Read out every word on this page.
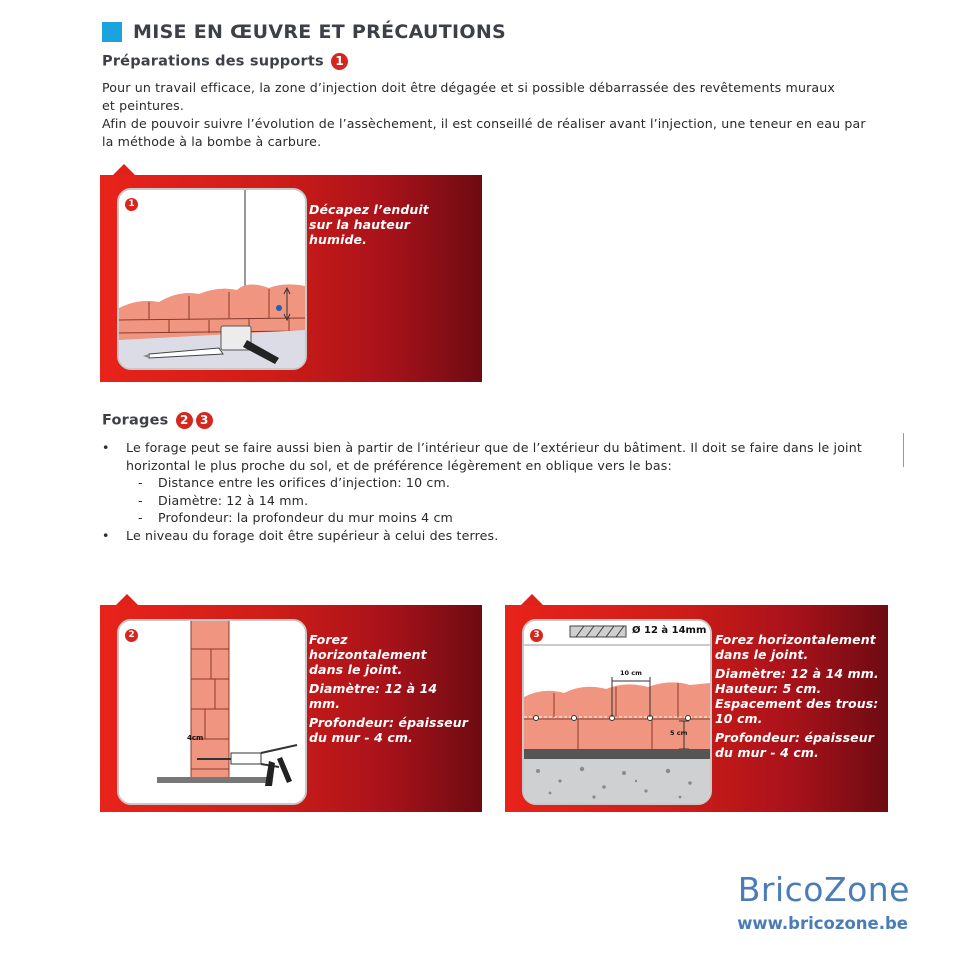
MISE EN ŒUVRE ET PRÉCAUTIONS
Préparations des supports 1

Pour un travail efficace, la zone d’injection doit être dégagée et si possible débarrassée des revêtements muraux

et peintures.

Afin de pouvoir suivre l’évolution de l’assèchement, il est conseillé de réaliser avant l’injection, une teneur en eau par

la méthode à la bombe à carbure.

1	Décapez l’enduit

sur la hauteur

humide.

Forages 2 3
• Le forage peut se faire aussi bien à partir de l’intérieur que de l’extérieur du bâtiment. Il doit se faire dans le joint
horizontal le plus proche du sol, et de préférence légèrement en oblique vers le bas:
- Distance entre les orifices d’injection: 10 cm.
- Diamètre: 12 à 14 mm.
- Profondeur: la profondeur du mur moins 4 cm
• Le niveau du forage doit être supérieur à celui des terres.
2
4cm

Forez horizontalement
dans le joint.

Diamètre: 12 à 14 mm.

Profondeur: épaisseur
du mur - 4 cm.

3	Ø 12 à 14mm
10 cm
5 cm

Forez horizontalement
dans le joint.

Diamètre: 12 à 14 mm.
Hauteur: 5 cm.
Espacement des trous:
10 cm.

Profondeur: épaisseur
du mur - 4 cm.

BricoZone
www.bricozone.be
